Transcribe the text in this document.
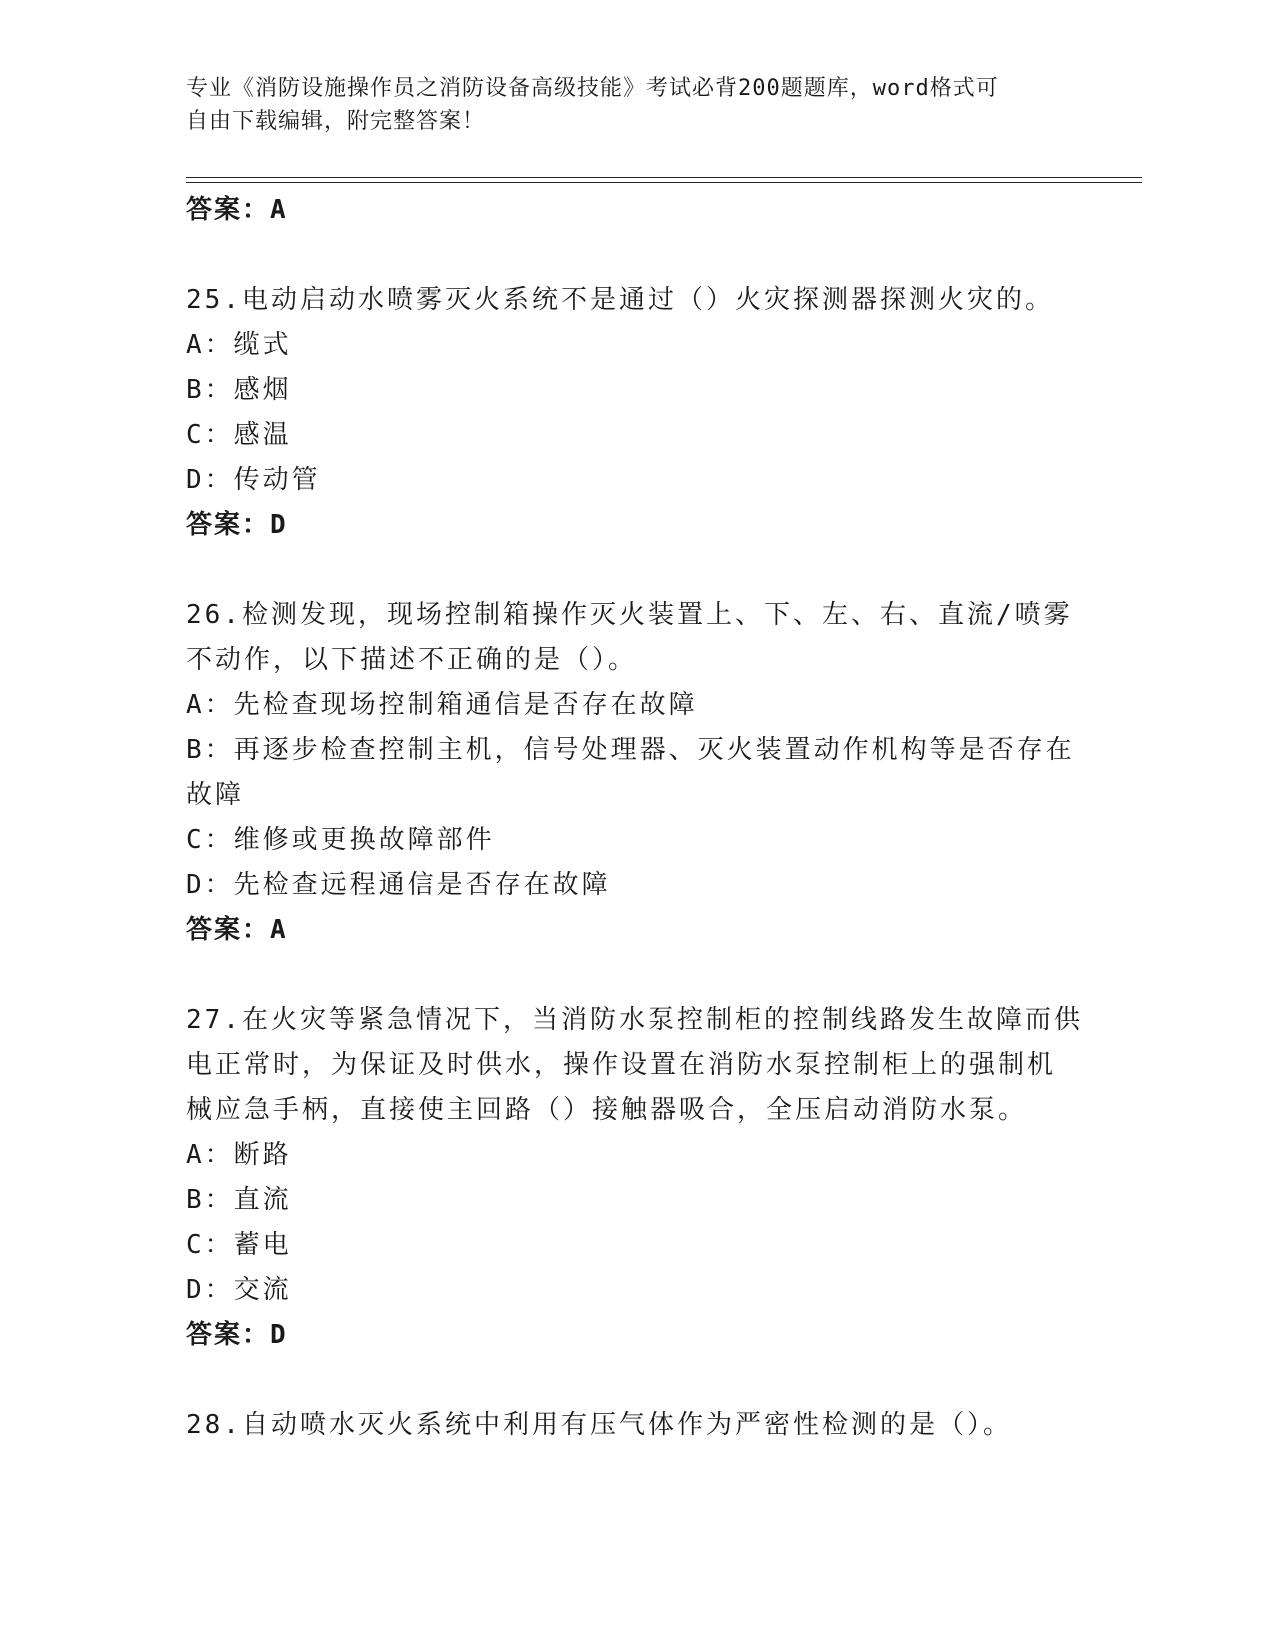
专业《消防设施操作员之消防设备高级技能》考试必背200题题库，word格式可
自由下载编辑，附完整答案！
答案：A
25.电动启动水喷雾灭火系统不是通过（）火灾探测器探测火灾的。
A：缆式
B：感烟
C：感温
D：传动管
答案：D
26.检测发现，现场控制箱操作灭火装置上、下、左、右、直流/喷雾
不动作，以下描述不正确的是（）。
A：先检查现场控制箱通信是否存在故障
B：再逐步检查控制主机，信号处理器、灭火装置动作机构等是否存在
故障
C：维修或更换故障部件
D：先检查远程通信是否存在故障
答案：A
27.在火灾等紧急情况下，当消防水泵控制柜的控制线路发生故障而供
电正常时，为保证及时供水，操作设置在消防水泵控制柜上的强制机
械应急手柄，直接使主回路（）接触器吸合，全压启动消防水泵。
A：断路
B：直流
C：蓄电
D：交流
答案：D
28.自动喷水灭火系统中利用有压气体作为严密性检测的是（）。
